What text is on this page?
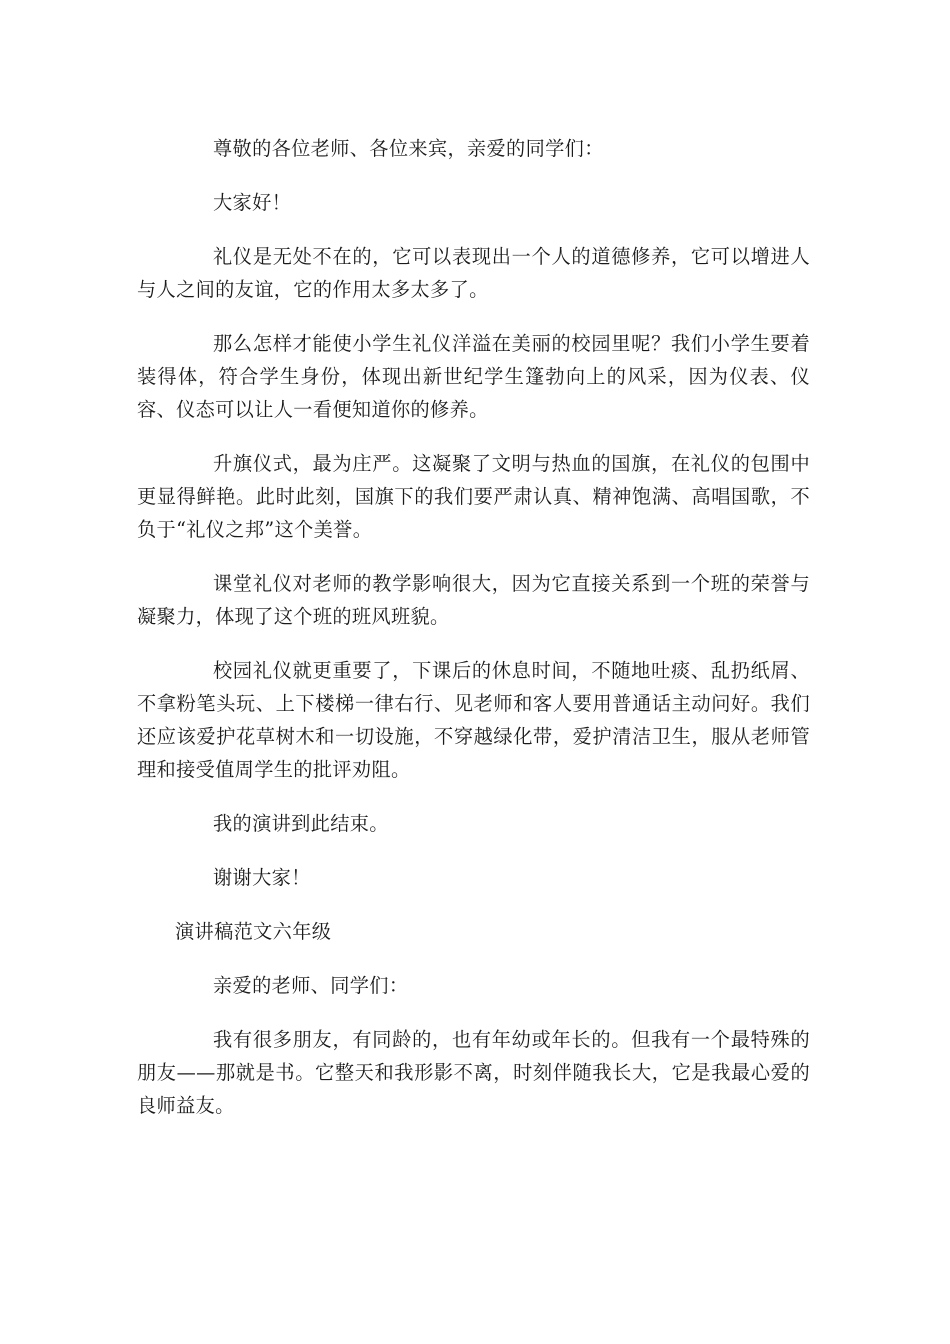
尊敬的各位老师、各位来宾，亲爱的同学们：

大家好！

礼仪是无处不在的，它可以表现出一个人的道德修养，它可以增进人与人之间的友谊，它的作用太多太多了。

那么怎样才能使小学生礼仪洋溢在美丽的校园里呢？我们小学生要着装得体，符合学生身份，体现出新世纪学生篷勃向上的风采，因为仪表、仪容、仪态可以让人一看便知道你的修养。

升旗仪式，最为庄严。这凝聚了文明与热血的国旗，在礼仪的包围中更显得鲜艳。此时此刻，国旗下的我们要严肃认真、精神饱满、高唱国歌，不负于“礼仪之邦”这个美誉。

课堂礼仪对老师的教学影响很大，因为它直接关系到一个班的荣誉与凝聚力，体现了这个班的班风班貌。

校园礼仪就更重要了，下课后的休息时间，不随地吐痰、乱扔纸屑、不拿粉笔头玩、上下楼梯一律右行、见老师和客人要用普通话主动问好。我们还应该爱护花草树木和一切设施，不穿越绿化带，爱护清洁卫生，服从老师管理和接受值周学生的批评劝阻。

我的演讲到此结束。

谢谢大家！

演讲稿范文六年级

亲爱的老师、同学们：

我有很多朋友，有同龄的，也有年幼或年长的。但我有一个最特殊的朋友——那就是书。它整天和我形影不离，时刻伴随我长大，它是我最心爱的良师益友。
